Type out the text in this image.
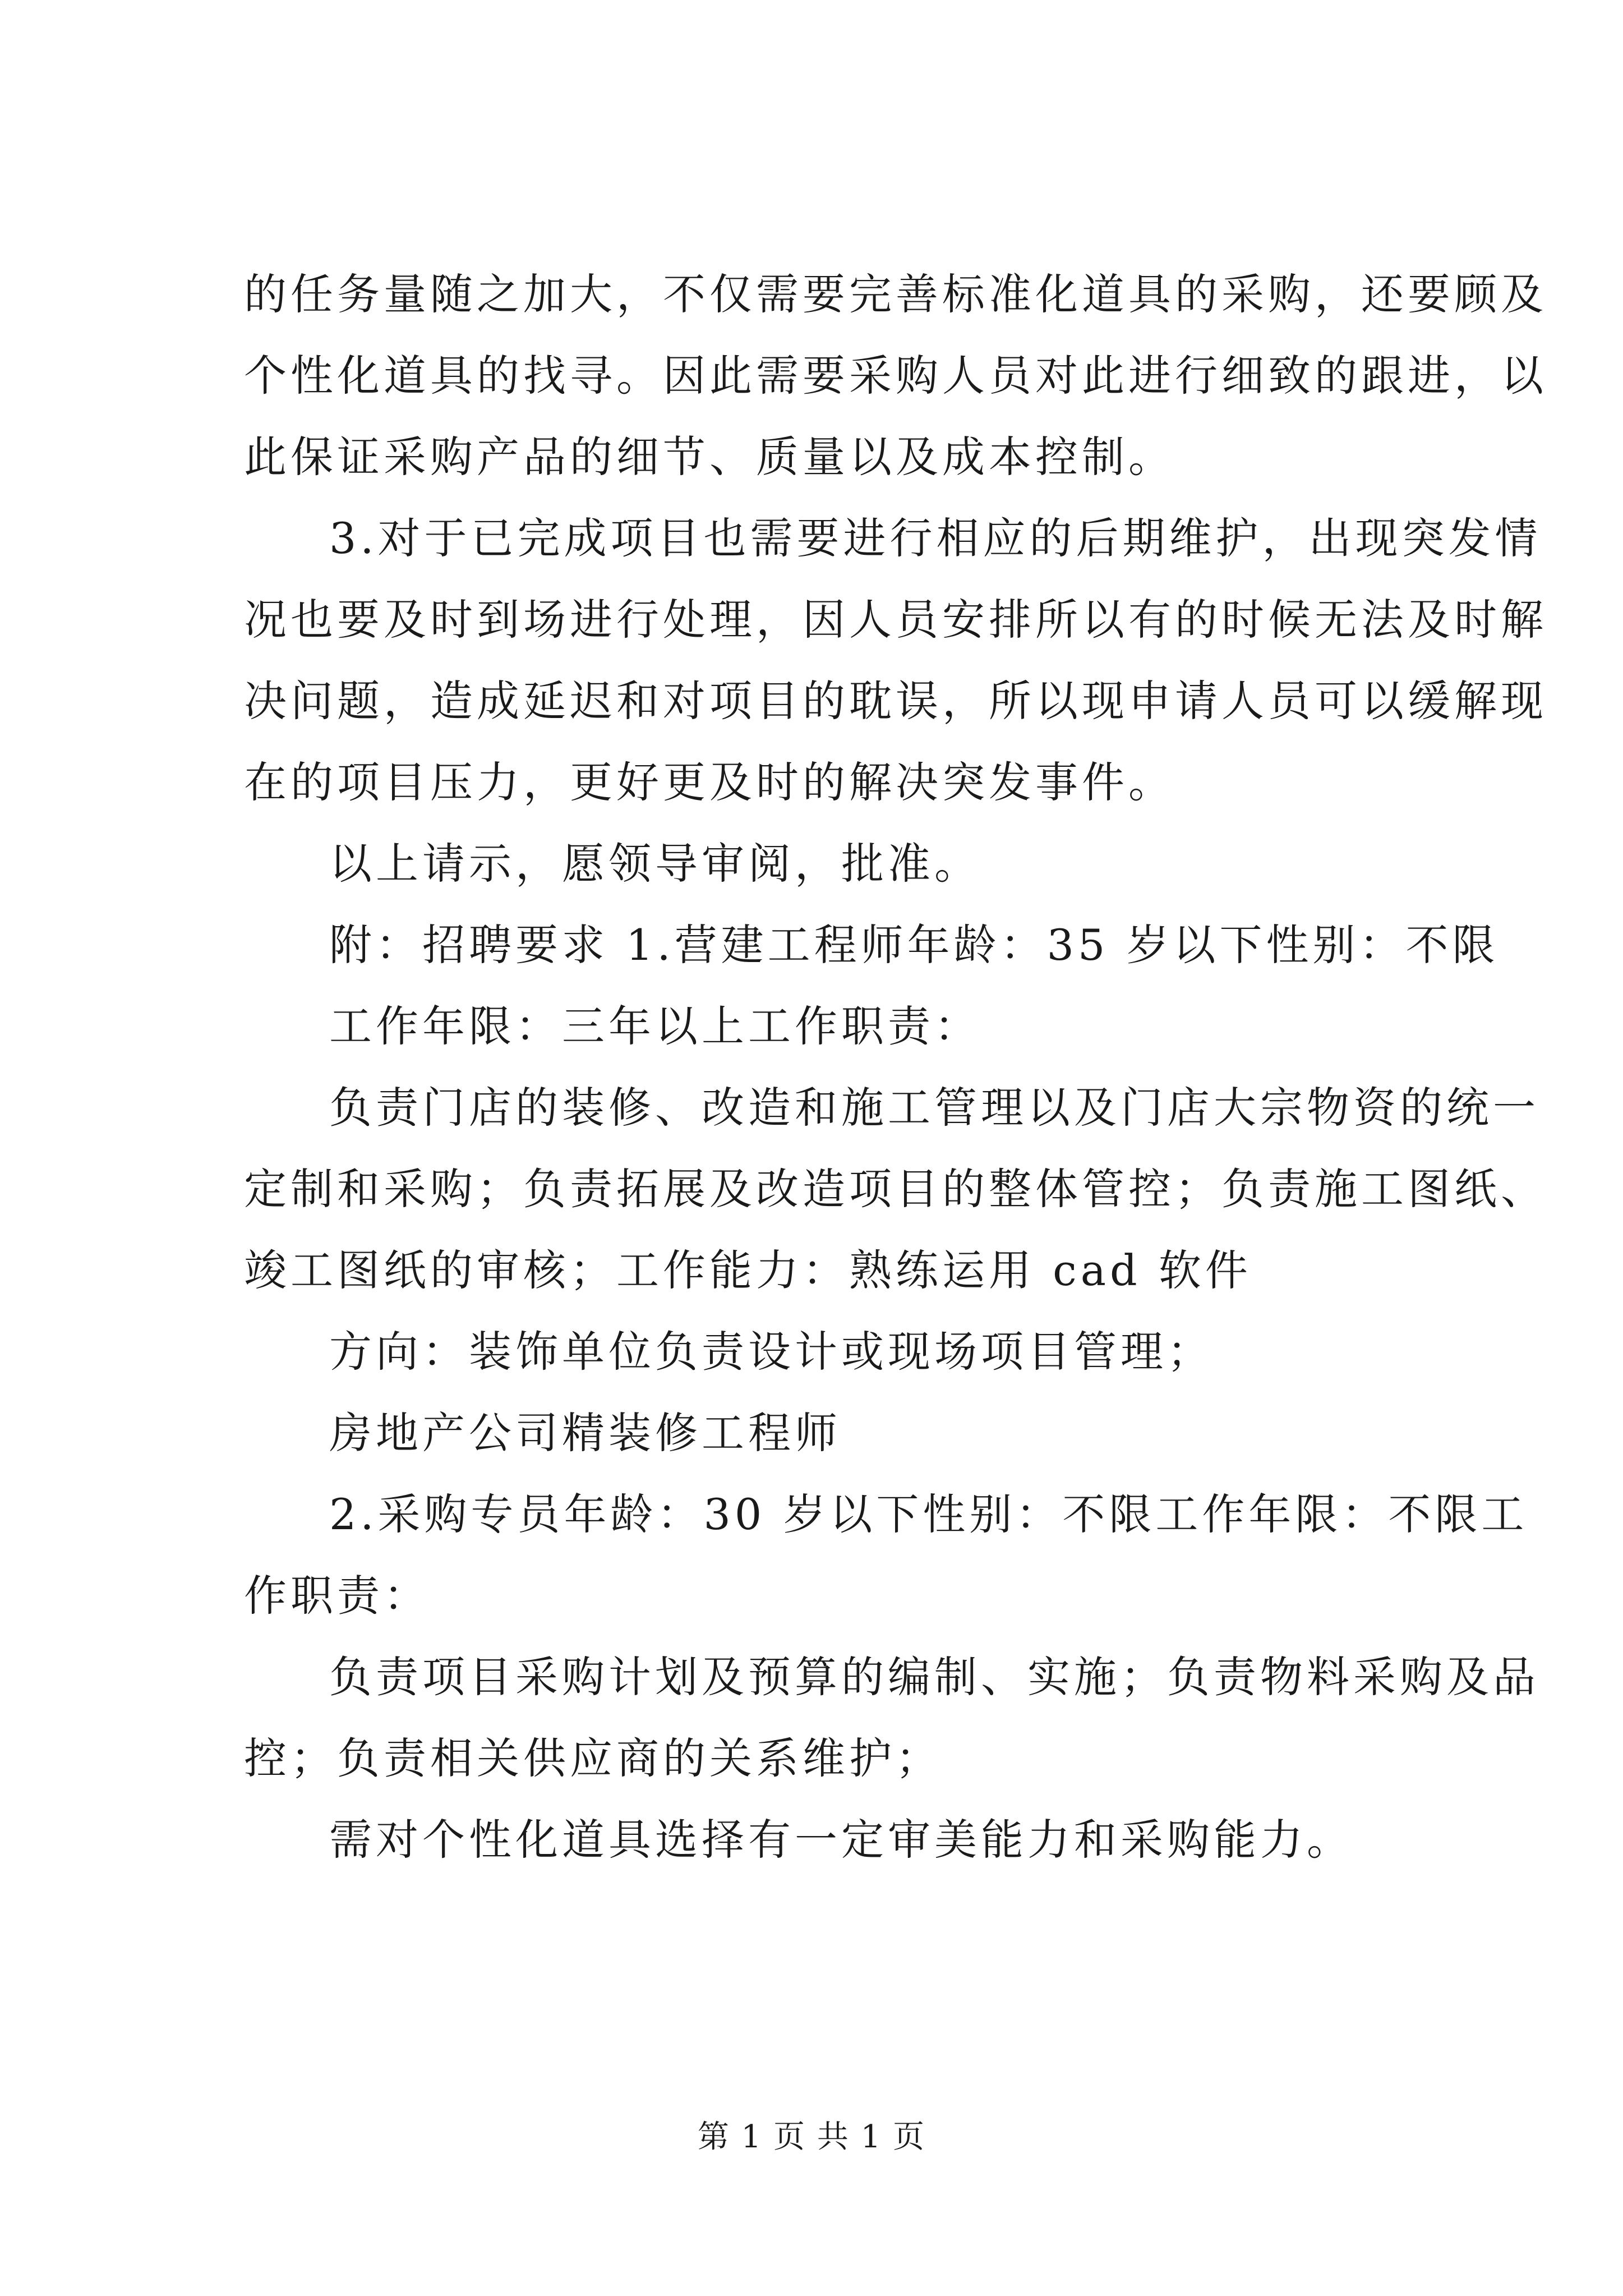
的任务量随之加大，不仅需要完善标准化道具的采购，还要顾及
个性化道具的找寻。因此需要采购人员对此进行细致的跟进，以
此保证采购产品的细节、质量以及成本控制。
3.对于已完成项目也需要进行相应的后期维护，出现突发情
况也要及时到场进行处理，因人员安排所以有的时候无法及时解
决问题，造成延迟和对项目的耽误，所以现申请人员可以缓解现
在的项目压力，更好更及时的解决突发事件。
以上请示，愿领导审阅，批准。
附：招聘要求 1.营建工程师年龄：35 岁以下性别：不限
工作年限：三年以上工作职责：
负责门店的装修、改造和施工管理以及门店大宗物资的统一
定制和采购；负责拓展及改造项目的整体管控；负责施工图纸、
竣工图纸的审核；工作能力：熟练运用 cad 软件
方向：装饰单位负责设计或现场项目管理；
房地产公司精装修工程师
2.采购专员年龄：30 岁以下性别：不限工作年限：不限工
作职责：
负责项目采购计划及预算的编制、实施；负责物料采购及品
控；负责相关供应商的关系维护；
需对个性化道具选择有一定审美能力和采购能力。
第 1 页 共 1 页
